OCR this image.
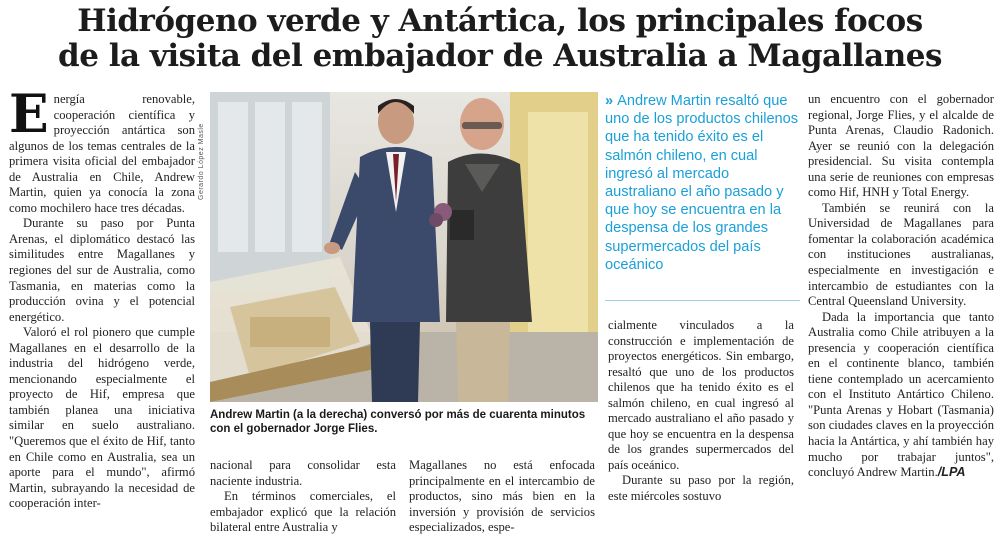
Hidrógeno verde y Antártica, los principales focos
de la visita del embajador de Australia a Magallanes

Energía renovable, cooperación científica y proyección antártica son algunos de los temas centrales de la primera visita oficial del embajador de Australia en Chile, Andrew Martin, quien ya conocía la zona como mochilero hace tres décadas.

Durante su paso por Punta Arenas, el diplomático destacó las similitudes entre Magallanes y regiones del sur de Australia, como Tasmania, en materias como la producción ovina y el potencial energético.

Valoró el rol pionero que cumple Magallanes en el desarrollo de la industria del hidrógeno verde, mencionando especialmente el proyecto de Hif, empresa que también planea una iniciativa similar en suelo australiano. "Queremos que el éxito de Hif, tanto en Chile como en Australia, sea un aporte para el mundo", afirmó Martin, subrayando la necesidad de cooperación inter-

Gerardo López Masle
Andrew Martin (a la derecha) conversó por más de cuarenta minutos con el gobernador Jorge Flies.

nacional para consolidar esta naciente industria.

En términos comerciales, el embajador explicó que la relación bilateral entre Australia y

Magallanes no está enfocada principalmente en el intercambio de productos, sino más bien en la inversión y provisión de servicios especializados, espe-

» Andrew Martin resaltó que uno de los productos chilenos que ha tenido éxito es el salmón chileno, en cual ingresó al mercado australiano el año pasado y que hoy se encuentra en la despensa de los grandes supermercados del país oceánico

cialmente vinculados a la construcción e implementación de proyectos energéticos. Sin embargo, resaltó que uno de los productos chilenos que ha tenido éxito es el salmón chileno, en cual ingresó al mercado australiano el año pasado y que hoy se encuentra en la despensa de los grandes supermercados del país oceánico.

Durante su paso por la región, este miércoles sostuvo

un encuentro con el gobernador regional, Jorge Flies, y el alcalde de Punta Arenas, Claudio Radonich. Ayer se reunió con la delegación presidencial. Su visita contempla una serie de reuniones con empresas como Hif, HNH y Total Energy.

También se reunirá con la Universidad de Magallanes para fomentar la colaboración académica con instituciones australianas, especialmente en investigación e intercambio de estudiantes con la Central Queensland University.

Dada la importancia que tanto Australia como Chile atribuyen a la presencia y cooperación científica en el continente blanco, también tiene contemplado un acercamiento con el Instituto Antártico Chileno. "Punta Arenas y Hobart (Tasmania) son ciudades claves en la proyección hacia la Antártica, y ahí también hay mucho por trabajar juntos", concluyó Andrew Martin./LPA
